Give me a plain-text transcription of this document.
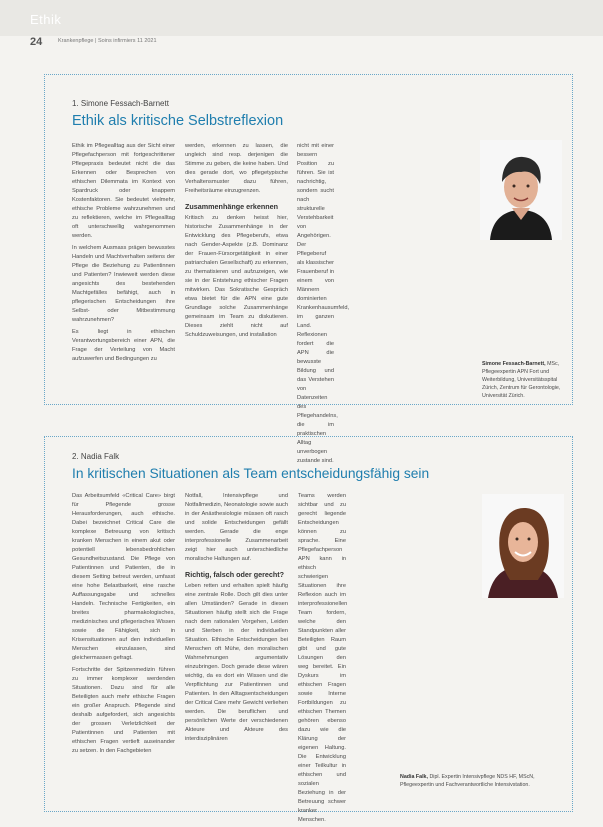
Ethik
24	Krankenpflege | Soins infirmiers 11 2021
1. Simone Fessach-Barnett
Ethik als kritische Selbstreflexion

Ethik im Pflegealltag aus der Sicht einer Pflegefachperson mit fortgeschrittener Pflegepraxis bedeutet nicht die das Erkennen oder Besprechen von ethischen Dilemmata im Kontext von Spardruck oder knappem Kostenfaktoren. Sie bedeutet vielmehr, ethische Probleme wahrzunehmen und zu reflektieren, welche im Pflegealltag oft unterschwellig wahrgenommen werden.

In welchem Ausmass prägen bewusstes Handeln und Machtverhalten seitens der Pflege die Beziehung zu Patientinnen und Patienten? Inwieweit werden diese angesichts des bestehenden Machtgefälles befähigt, auch in pflegerischen Entscheidungen ihre Selbst- oder Mitbestimmung wahrzunehmen?

Es liegt in ethischen Verantwortungsbereich einer APN, die Frage der Verteilung von Macht aufzuwerfen und Bedingungen zu

werden, erkennen zu lassen, die ungleich sind resp. derjenigen die Stimme zu geben, die keine haben. Und dies gerade dort, wo pflegetypische Verhaltensmuster dazu führen, Freiheitsräume einzugrenzen.

Zusammenhänge erkennen

Kritisch zu denken heisst hier, historische Zusammenhänge in der Entwicklung des Pflegeberufs, etwa nach Gender-Aspekte (z.B. Dominanz der Frauen-Fürsorgetätigkeit in einer patriarchalen Gesellschaft) zu erkennen, zu thematisieren und aufzuzeigen, wie sie in der Entstehung ethischer Fragen mitwirken. Das Sokratische Gespräch etwa bietet für die APN eine gute Grundlage solche Zusammenhänge gemeinsam im Team zu diskutieren. Dieses ziehlt nicht auf Schuldzuweisungen, und installation

nicht mit einer bessern Position zu führen. Sie ist nachrichtig, sondern sucht nach strukturelle Verstehbarkeit von Angehörigen. Der Pflegeberuf als klassischer Frauenberuf in einem von Männern dominierten Krankenhausumfeld, im ganzen Land. Reflexionen fordert die APN die bewusste Bildung und das Verstehen von Datenzeiten des Pflegehandelns, die im praktischen Alltag unverbogen zustande sind.

Simone Fessach-Barnett, MSc, Pflegeexpertin APN Fort und Weiterbildung, Universitätsspital Zürich, Zentrum für Gerontologie, Universität Zürich.
2. Nadia Falk
In kritischen Situationen als Team entscheidungsfähig sein

Das Arbeitsumfeld «Critical Care» birgt für Pflegende grosse Herausforderungen, auch ethische. Dabei bezeichnet Critical Care die komplexe Betreuung von kritisch kranken Menschen in einem akut oder potentiell lebensbedrohlichen Gesundheitszustand. Die Pflege von Patientinnen und Patienten, die in diesem Setting betreut werden, umfasst eine hohe Belastbarkeit, eine rasche Auffassungsgabe und schnelles Handeln. Technische Fertigkeiten, ein breites pharmakologisches, medizinisches und pflegerisches Wissen sowie die Fähigkeit, sich in Krisensituationen auf den individuellen Menschen einzulassen, sind gleichermassen gefragt.

Fortschritte der Spitzenmedizin führen zu immer komplexer werdenden Situationen. Dazu sind für alle Beteiligten auch mehr ethische Fragen ein großer Anspruch. Pflegende sind deshalb aufgefordert, sich angesichts der grossen Verletzlichkeit der Patientinnen und Patienten mit ethischen Fragen vertieft auseinander zu setzen. In den Fachgebieten

Notfall, Intensivpflege und Notfallmedizin, Neonatologie sowie auch in der Anästhesiologie müssen oft rasch und solide Entscheidungen gefällt werden. Gerade die enge interprofessionelle Zusammenarbeit zeigt hier auch unterschiedliche moralische Haltungen auf.

Richtig, falsch oder gerecht?

Leben retten und erhalten spielt häufig eine zentrale Rolle. Doch gilt dies unter allen Umständen? Gerade in diesen Situationen häufig stellt sich die Frage nach dem rationalen Vorgehen, Leiden und Sterben in der individuellen Situation. Ethische Entscheidungen bei Menschen oft Mühe, den moralischen Wahrnehmungen argumentativ einzubringen. Doch gerade diese wären wichtig, da es dort ein Wissen und die Verpflichtung zur Patientinnen und Patienten. In den Alltagsentscheidungen der Critical Care mehr Gewicht verliehen werden. Die beruflichen und persönlichen Werte der verschiedenen Akteure und Akteure des interdisziplinären

Teams werden sichtbar und zu gerecht liegende Entscheidungen können zu sprache. Eine Pflegefachperson APN kann in ethisch schwierigen Situationen ihre Reflexion auch im interprofessionellen Team fordern, welche den Standpunkten aller Beteiligten Raum gibt und gute Lösungen den weg bereitet. Ein Dyskurs im ethischen Fragen sowie Interne Fortbildungen zu ethischen Themen gehören ebenso dazu wie die Klärung der eigenen Haltung. Die Entwicklung einer Teilkultur in ethischen und sozialen Beziehung in der Betreuung schwer kranker Menschen.

Nadia Falk, Dipl. Expertin Intensivpflege NDS HF, MScN, Pflegeexpertin und Fachverantwortliche Intensivstation.
